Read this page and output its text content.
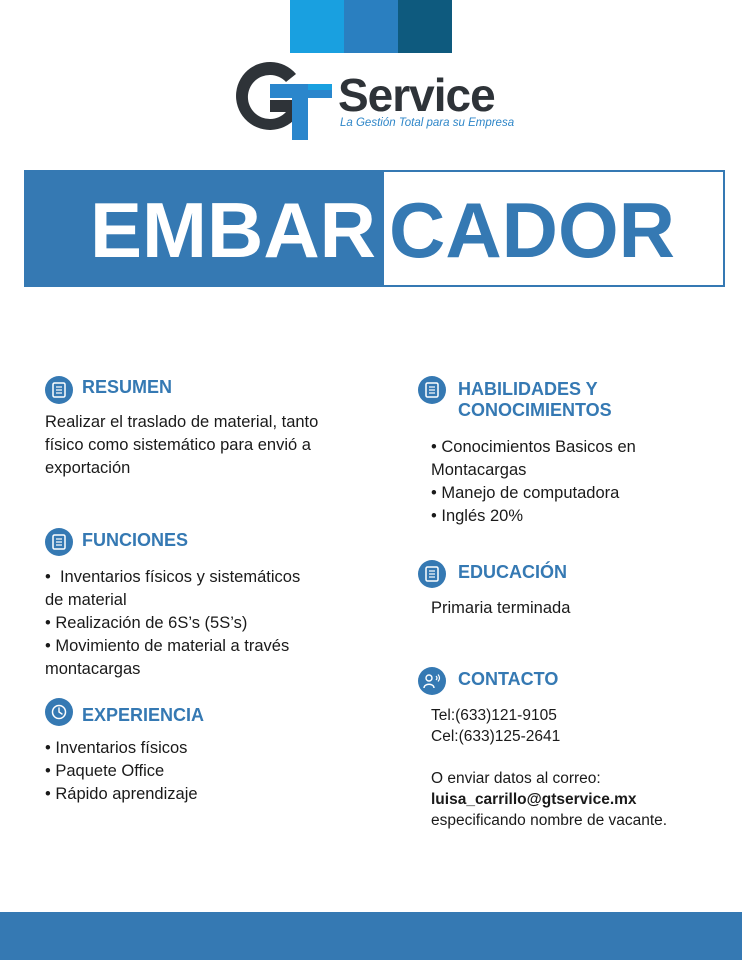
Service
La Gestión Total para su Empresa
EMBAR CADOR
RESUMEN
Realizar el traslado de material, tanto
físico como sistemático para envió a
exportación
FUNCIONES
•  Inventarios físicos y sistemáticos
de material
• Realización de 6S’s (5S’s)
• Movimiento de material a través
montacargas
EXPERIENCIA
• Inventarios físicos
• Paquete Office
• Rápido aprendizaje
HABILIDADES Y
CONOCIMIENTOS
• Conocimientos Basicos en
Montacargas
• Manejo de computadora
• Inglés 20%
EDUCACIÓN
Primaria terminada
CONTACTO
Tel:(633)121-9105
Cel:(633)125-2641
O enviar datos al correo:
luisa_carrillo@gtservice.mx
especificando nombre de vacante.
